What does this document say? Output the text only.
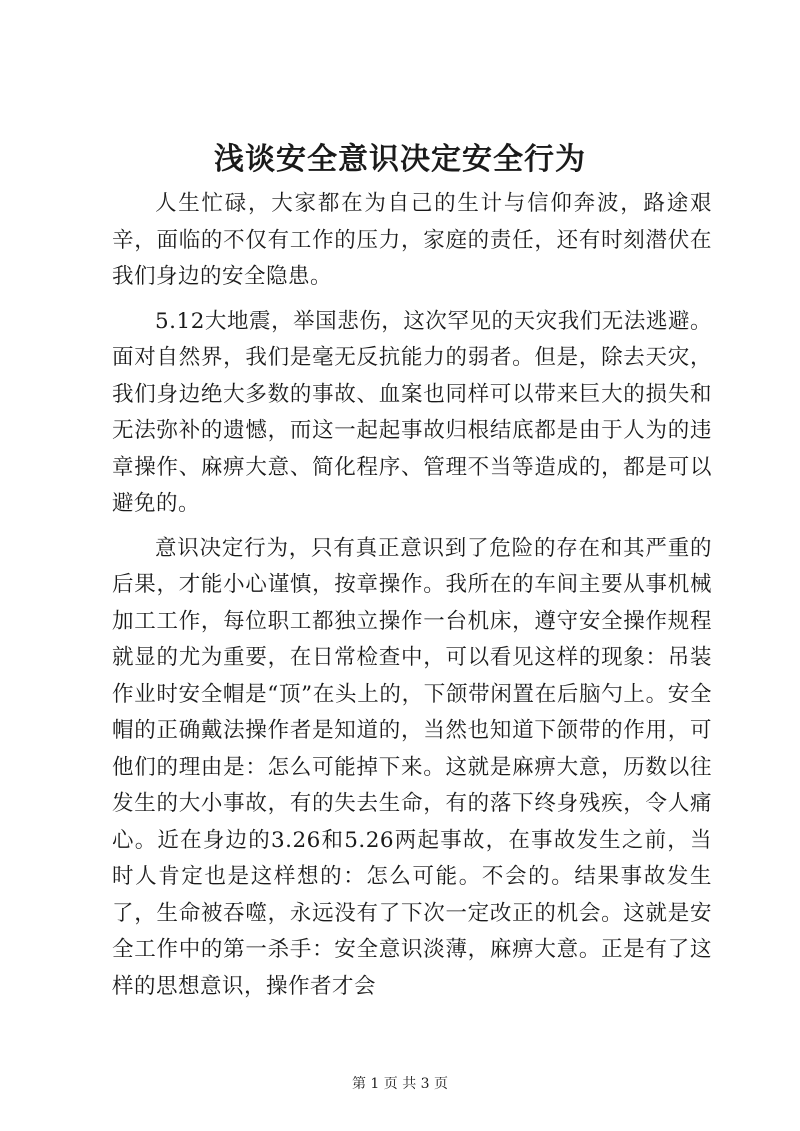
浅谈安全意识决定安全行为

人生忙碌，大家都在为自己的生计与信仰奔波，路途艰辛，面临的不仅有工作的压力，家庭的责任，还有时刻潜伏在我们身边的安全隐患。

5.12大地震，举国悲伤，这次罕见的天灾我们无法逃避。面对自然界，我们是毫无反抗能力的弱者。但是，除去天灾，我们身边绝大多数的事故、血案也同样可以带来巨大的损失和无法弥补的遗憾，而这一起起事故归根结底都是由于人为的违章操作、麻痹大意、简化程序、管理不当等造成的，都是可以避免的。

意识决定行为，只有真正意识到了危险的存在和其严重的后果，才能小心谨慎，按章操作。我所在的车间主要从事机械加工工作，每位职工都独立操作一台机床，遵守安全操作规程就显的尤为重要，在日常检查中，可以看见这样的现象：吊装作业时安全帽是“顶”在头上的，下颌带闲置在后脑勺上。安全帽的正确戴法操作者是知道的，当然也知道下颌带的作用，可他们的理由是：怎么可能掉下来。这就是麻痹大意，历数以往发生的大小事故，有的失去生命，有的落下终身残疾，令人痛心。近在身边的3.26和5.26两起事故，在事故发生之前，当时人肯定也是这样想的：怎么可能。不会的。结果事故发生了，生命被吞噬，永远没有了下次一定改正的机会。这就是安全工作中的第一杀手：安全意识淡薄，麻痹大意。正是有了这样的思想意识，操作者才会

第 1 页 共 3 页
